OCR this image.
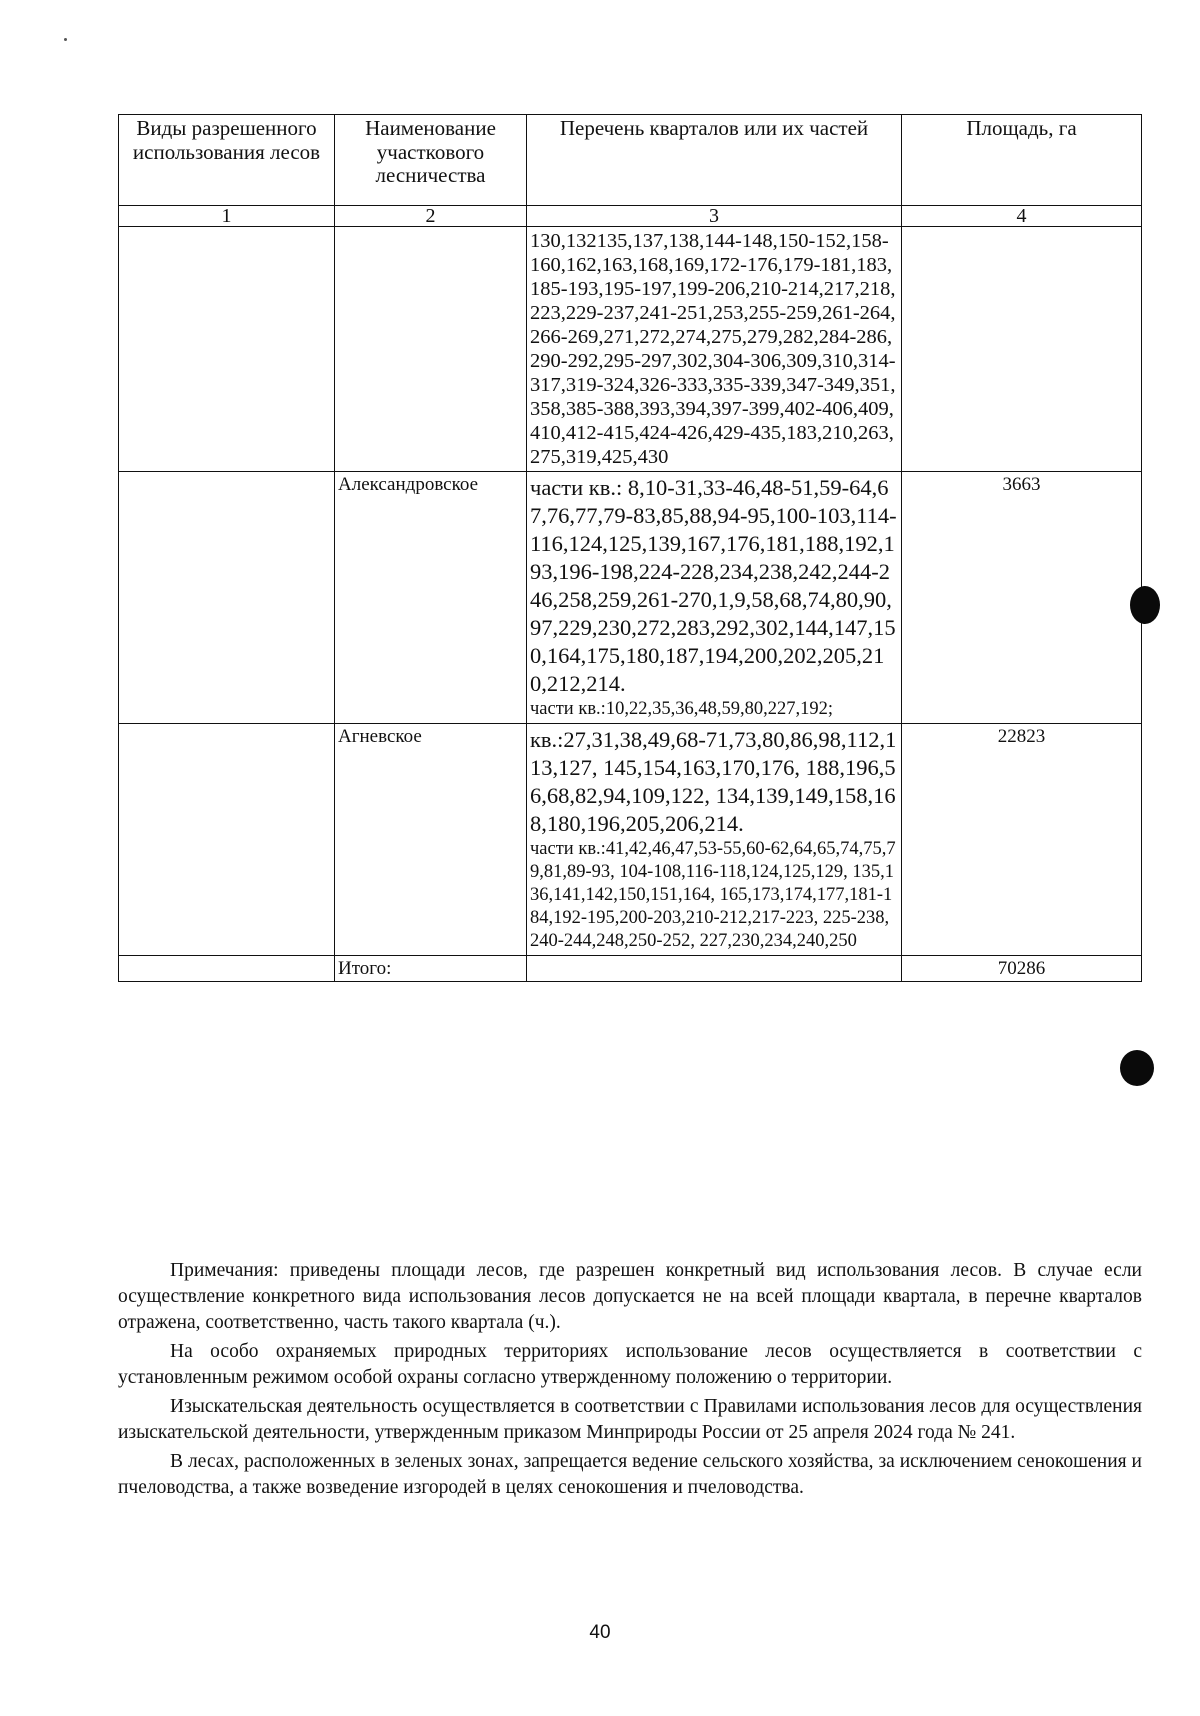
Виды разрешенного использования лесов	Наименование участкового лесничества	Перечень кварталов или их частей	Площадь, га
1	2	3	4

		130,132135,137,138,144-148,150-152,158-160,162,163,168,169,172-176,179-181,183,185-193,195-197,199-206,210-214,217,218,223,229-237,241-251,253,255-259,261-264,266-269,271,272,274,275,279,282,284-286,290-292,295-297,302,304-306,309,310,314-317,319-324,326-333,335-339,347-349,351,358,385-388,393,394,397-399,402-406,409,410,412-415,424-426,429-435,183,210,263,275,319,425,430	

	Александровское	части кв.: 8,10-31,33-46,48-51,59-64,67,76,77,79-83,85,88,94-95,100-103,114-116,124,125,139,167,176,181,188,192,193,196-198,224-228,234,238,242,244-246,258,259,261-270,1,9,58,68,74,80,90,97,229,230,272,283,292,302,144,147,150,164,175,180,187,194,200,202,205,210,212,214.
части кв.:10,22,35,36,48,59,80,227,192;	3663
	Агневское	кв.:27,31,38,49,68-71,73,80,86,98,112,113,127, 145,154,163,170,176, 188,196,56,68,82,94,109,122, 134,139,149,158,168,180,196,205,206,214.
части кв.:41,42,46,47,53-55,60-62,64,65,74,75,79,81,89-93, 104-108,116-118,124,125,129, 135,136,141,142,150,151,164, 165,173,174,177,181-184,192-195,200-203,210-212,217-223, 225-238,240-244,248,250-252, 227,230,234,240,250	22823
	Итого:		70286

Примечания: приведены площади лесов, где разрешен конкретный вид использования лесов. В случае если осуществление конкретного вида использования лесов допускается не на всей площади квартала, в перечне кварталов отражена, соответственно, часть такого квартала (ч.).

На особо охраняемых природных территориях использование лесов осуществляется в соответствии с установленным режимом особой охраны согласно утвержденному положению о территории.

Изыскательская деятельность осуществляется в соответствии с Правилами использования лесов для осуществления изыскательской деятельности, утвержденным приказом Минприроды России от 25 апреля 2024 года № 241.

В лесах, расположенных в зеленых зонах, запрещается ведение сельского хозяйства, за исключением сенокошения и пчеловодства, а также возведение изгородей в целях сенокошения и пчеловодства.

40
